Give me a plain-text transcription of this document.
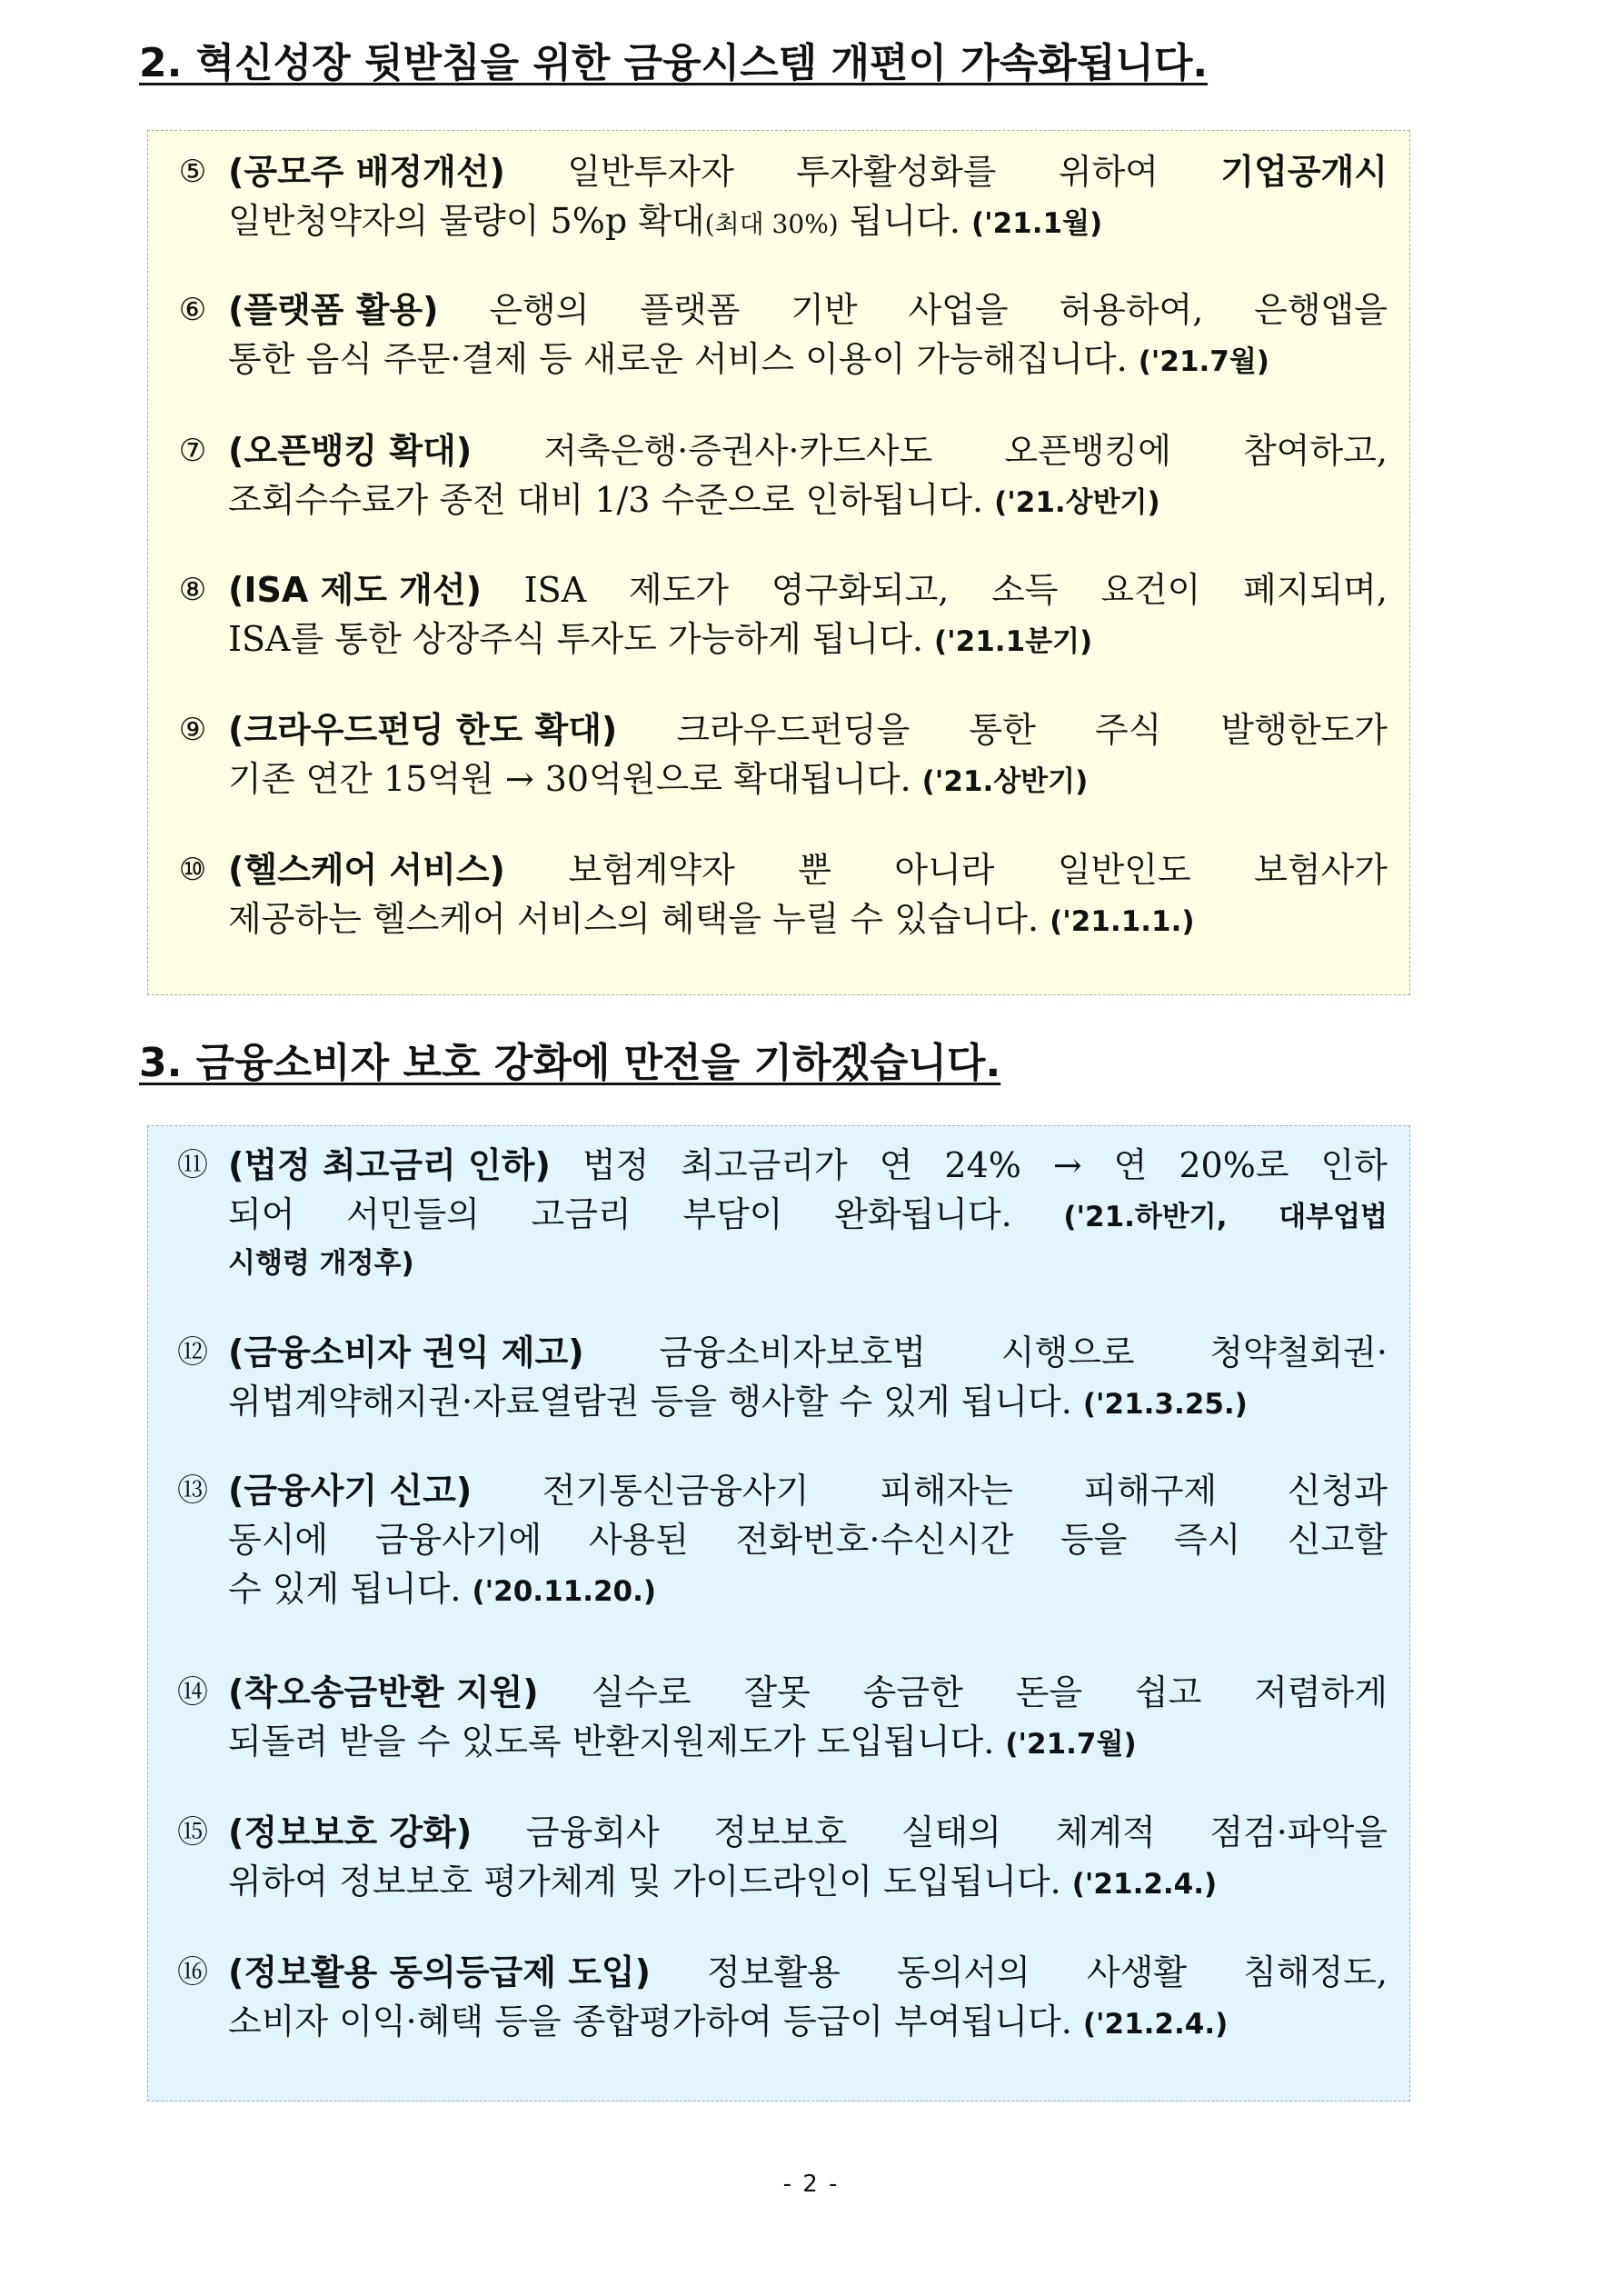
2. 혁신성장 뒷받침을 위한 금융시스템 개편이 가속화됩니다.
⑤ (공모주 배정개선) 일반투자자 투자활성화를 위하여 기업공개시
일반청약자의 물량이 5%p 확대 (최대 30%) 됩니다. ('21.1월)
⑥ (플랫폼 활용) 은행의 플랫폼 기반 사업을 허용하여, 은행앱을
통한 음식 주문·결제 등 새로운 서비스 이용이 가능해집니다. ('21.7월)
⑦ (오픈뱅킹 확대) 저축은행·증권사·카드사도 오픈뱅킹에 참여하고,
조회수수료가 종전 대비 1/3 수준으로 인하됩니다. ('21.상반기)
⑧ (ISA 제도 개선) ISA 제도가 영구화되고, 소득 요건이 폐지되며,
ISA를 통한 상장주식 투자도 가능하게 됩니다. ('21.1분기)
⑨ (크라우드펀딩 한도 확대) 크라우드펀딩을 통한 주식 발행한도가
기존 연간 15억원 → 30억원으로 확대됩니다. ('21.상반기)
⑩ (헬스케어 서비스) 보험계약자 뿐 아니라 일반인도 보험사가
제공하는 헬스케어 서비스의 혜택을 누릴 수 있습니다. ('21.1.1.)
3. 금융소비자 보호 강화에 만전을 기하겠습니다.
⑪ (법정 최고금리 인하) 법정 최고금리가 연 24% → 연 20%로 인하
되어 서민들의 고금리 부담이 완화됩니다. ('21.하반기, 대부업법
시행령 개정후)
⑫ (금융소비자 권익 제고) 금융소비자보호법 시행으로 청약철회권·
위법계약해지권·자료열람권 등을 행사할 수 있게 됩니다. ('21.3.25.)
⑬ (금융사기 신고) 전기통신금융사기 피해자는 피해구제 신청과
동시에 금융사기에 사용된 전화번호·수신시간 등을 즉시 신고할
수 있게 됩니다. ('20.11.20.)
⑭ (착오송금반환 지원) 실수로 잘못 송금한 돈을 쉽고 저렴하게
되돌려 받을 수 있도록 반환지원제도가 도입됩니다. ('21.7월)
⑮ (정보보호 강화) 금융회사 정보보호 실태의 체계적 점검·파악을
위하여 정보보호 평가체계 및 가이드라인이 도입됩니다. ('21.2.4.)
⑯ (정보활용 동의등급제 도입) 정보활용 동의서의 사생활 침해정도,
소비자 이익·혜택 등을 종합평가하여 등급이 부여됩니다. ('21.2.4.)
- 2 -
